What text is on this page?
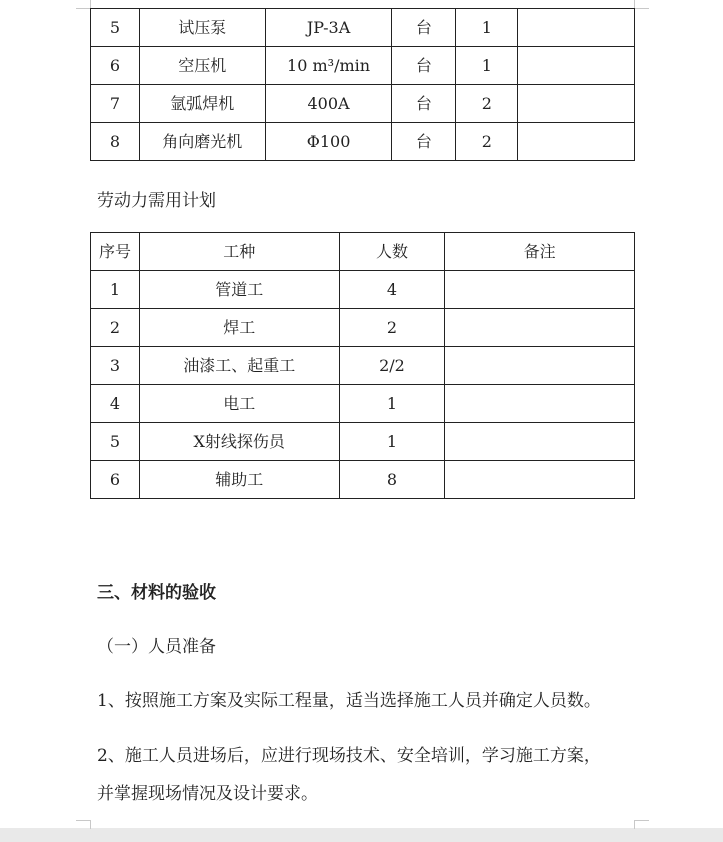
5	试压泵	JP-3A	台	1	
6	空压机	10 m³/min	台	1	
7	氩弧焊机	400A	台	2	
8	角向磨光机	Φ100	台	2	
劳动力需用计划
序号	工种	人数	备注
1	管道工	4	
2	焊工	2	
3	油漆工、起重工	2/2	
4	电工	1	
5	X射线探伤员	1	
6	辅助工	8	
三、材料的验收
（一）人员准备
1、按照施工方案及实际工程量，适当选择施工人员并确定人员数。
2、施工人员进场后，应进行现场技术、安全培训，学习施工方案，
并掌握现场情况及设计要求。
